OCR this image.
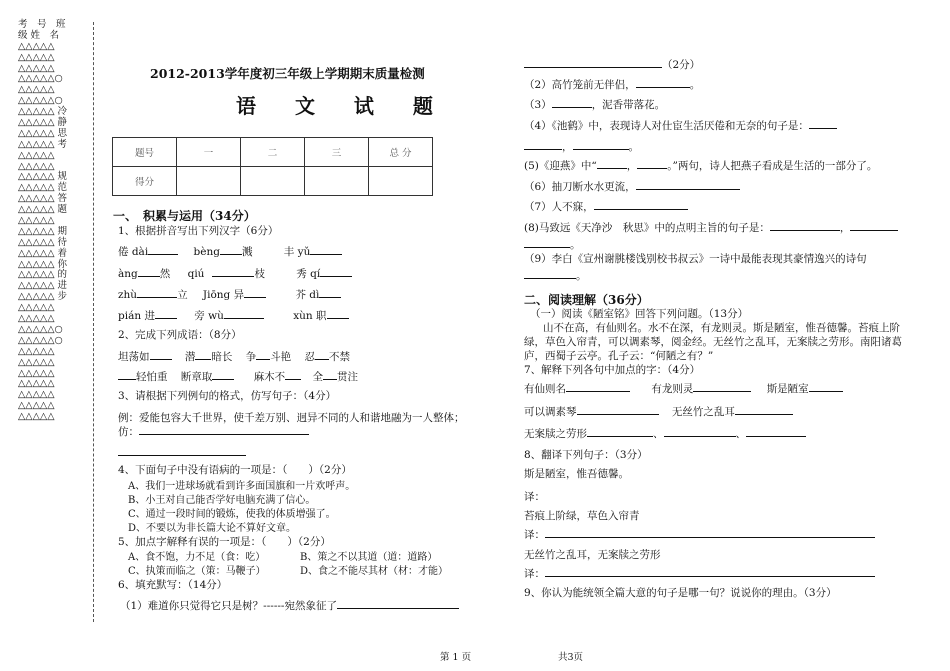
考　号　班
级 姓　名
△△△△△
△△△△△
△△△△△
△△△△△○
△△△△△
△△△△△○
△△△△△ 冷
△△△△△ 静
△△△△△ 思
△△△△△ 考
△△△△△
△△△△△
△△△△△ 规
△△△△△ 范
△△△△△ 答
△△△△△ 题
△△△△△
△△△△△ 期
△△△△△ 待
△△△△△ 着
△△△△△ 你
△△△△△ 的
△△△△△ 进
△△△△△ 步
△△△△△
△△△△△
△△△△△○
△△△△△○
△△△△△
△△△△△
△△△△△
△△△△△
△△△△△
△△△△△
△△△△△
2012-2013学年度初三年级上学期期末质量检测
语 文 试 题
题号	一	二	三	总 分
得分				
一、　积累与运用（34分）
1、根据拼音写出下列汉字（6分）
倦 dài	bèng 溅	丰 yǔ
àng 然 qiú	枝	秀 qí
zhù	立 Jiōng 异	芥 dì
pián 进	旁 wù	xùn 职
2、完成下列成语：（8分）
坦荡如	潜 暗长 争 斗艳 忍 不禁
轻怕重 断章取	麻木不	全 贯注
3、请根据下列例句的格式，仿写句子：（4分）
例：爱能包容大千世界，使千差万别、迥异不同的人和谐地融为一人整体；
仿：
4、下面句子中没有语病的一项是：（　　）（2分）
A、我们一进球场就看到许多面国旗和一片欢呼声。
B、小王对自己能否学好电脑充满了信心。
C、通过一段时间的锻炼，使我的体质增强了。
D、不要以为非长篇大论不算好文章。
5、加点字解释有误的一项是：（　　）（2分）
A、食不饱，力不足（食：吃）	B、策之不以其道（道：道路）
C、执策而临之（策：马鞭子）	D、食之不能尽其材（材：才能）
6、填充默写：（14分）
（1）难道你只觉得它只是树？------宛然象征了
（2分）
（2）高竹笼前无伴侣，	。
（3）	，泥香带落花。
（4）《池鹤》中，表现诗人对仕宦生活厌倦和无奈的句子是：
，	。
(5)《迎燕》中“	，	。”两句，诗人把燕子看成是生活的一部分了。
（6）抽刀断水水更流，
（7）人不寐，
(8)马致远《天净沙　秋思》中的点明主旨的句子是：	，
。
（9）李白《宣州谢朓楼饯别校书叔云》一诗中最能表现其豪情逸兴的诗句
。
二、阅读理解（36分）
（一）阅读《陋室铭》回答下列问题。（13分）
山不在高，有仙则名。水不在深，有龙则灵。斯是陋室，惟吾德馨。苔痕上阶
绿，草色入帘青，可以调素琴，阅金经。无丝竹之乱耳，无案牍之劳形。南阳诸葛
庐，西蜀子云亭。孔子云：“何陋之有？”
7、解释下列各句中加点的字：（4分）
有仙则名	有龙则灵	斯是陋室
可以调素琴	无丝竹之乱耳
无案牍之劳形	、	、
8、翻译下列句子：（3分）
斯是陋室，惟吾德馨。
译：
苔痕上阶绿，草色入帘青
译：
无丝竹之乱耳，无案牍之劳形
译：
9、你认为能统领全篇大意的句子是哪一句？说说你的理由。（3分）
第 1 页	共3页
